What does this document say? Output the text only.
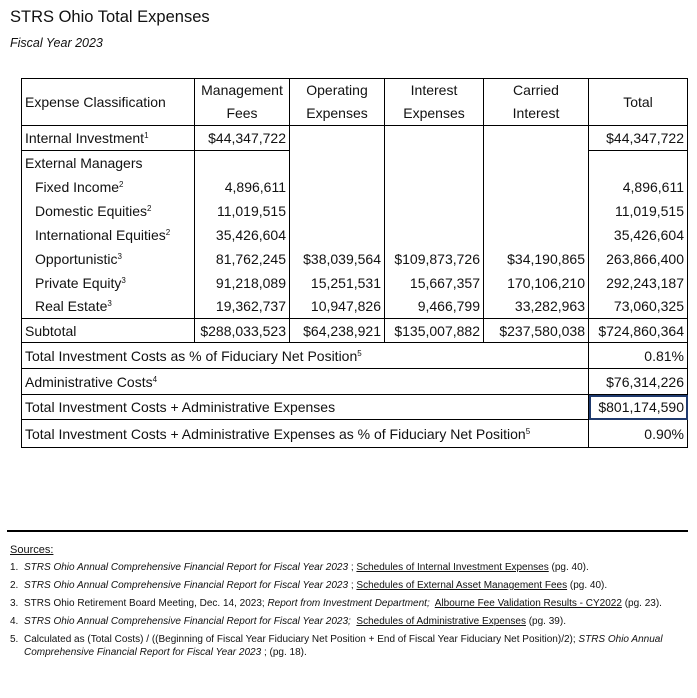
STRS Ohio Total Expenses
Fiscal Year 2023
Expense Classification	Management	Operating	Interest	Carried	Total
	Fees	Expenses	Expenses	Interest	
Internal Investment$^1$	$44,347,722				$44,347,722
External Managers					
Fixed Income$^2$	4,896,611				4,896,611
Domestic Equities$^2$	11,019,515				11,019,515
International Equities$^2$	35,426,604				35,426,604
Opportunistic$^3$	81,762,245	$38,039,564	$109,873,726	$34,190,865	263,866,400
Private Equity$^3$	91,218,089	15,251,531	15,667,357	170,106,210	292,243,187
Real Estate$^3$	19,362,737	10,947,826	9,466,799	33,282,963	73,060,325
Subtotal	$288,033,523	$64,238,921	$135,007,882	$237,580,038	$724,860,364
Total Investment Costs as % of Fiduciary Net Position$^5$					0.81%
Administrative Costs$^4$					$76,314,226
Total Investment Costs + Administrative Expenses					$801,174,590
Total Investment Costs + Administrative Expenses as % of Fiduciary Net Position$^5$					0.90%
Sources:
1. STRS Ohio Annual Comprehensive Financial Report for Fiscal Year 2023 ; Schedules of Internal Investment Expenses (pg. 40).
2. STRS Ohio Annual Comprehensive Financial Report for Fiscal Year 2023 ; Schedules of External Asset Management Fees (pg. 40).
3. STRS Ohio Retirement Board Meeting, Dec. 14, 2023; Report from Investment Department; Albourne Fee Validation Results - CY2022 (pg. 23).
4. STRS Ohio Annual Comprehensive Financial Report for Fiscal Year 2023; Schedules of Administrative Expenses (pg. 39).
5. Calculated as (Total Costs) / ((Beginning of Fiscal Year Fiduciary Net Position + End of Fiscal Year Fiduciary Net Position)/2); STRS Ohio Annual Comprehensive Financial Report for Fiscal Year 2023 ; (pg. 18).
